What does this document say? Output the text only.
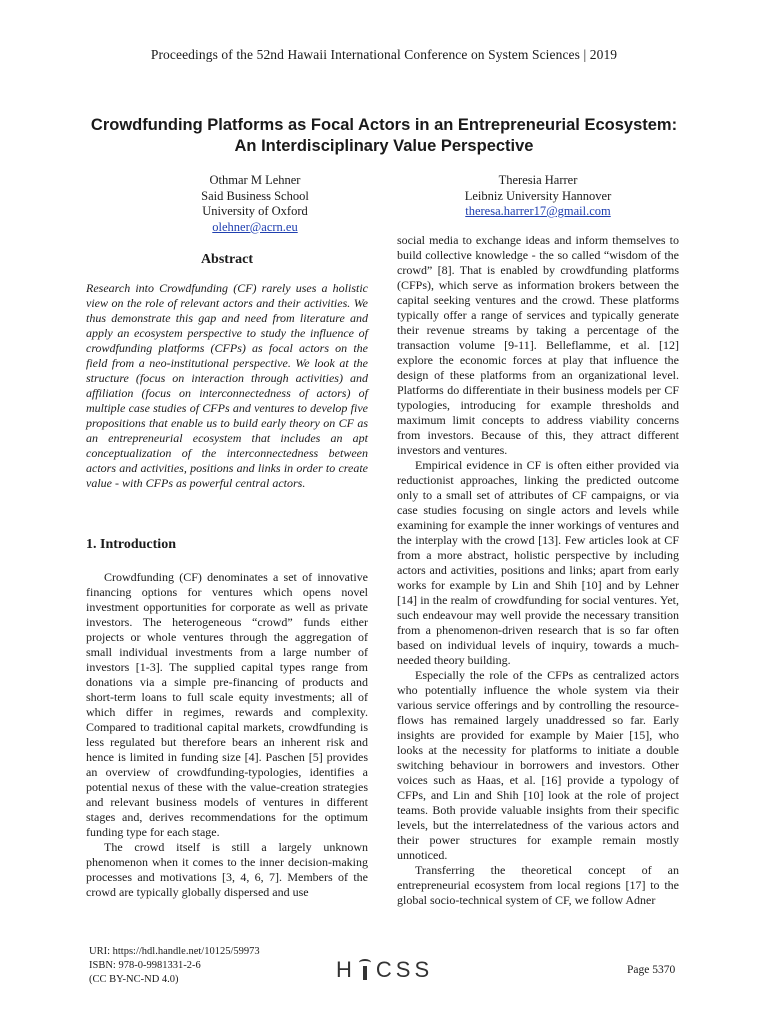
Proceedings of the 52nd Hawaii International Conference on System Sciences | 2019
Crowdfunding Platforms as Focal Actors in an Entrepreneurial Ecosystem:
An Interdisciplinary Value Perspective
Othmar M Lehner
Said Business School
University of Oxford
olehner@acrn.eu
Theresia Harrer
Leibniz University Hannover
theresa.harrer17@gmail.com
Abstract
Research into Crowdfunding (CF) rarely uses a holistic view on the role of relevant actors and their activities. We thus demonstrate this gap and need from literature and apply an ecosystem perspective to study the influence of crowdfunding platforms (CFPs) as focal actors on the field from a neo-institutional perspective. We look at the structure (focus on interaction through activities) and affiliation (focus on interconnectedness of actors) of multiple case studies of CFPs and ventures to develop five propositions that enable us to build early theory on CF as an entrepreneurial ecosystem that includes an apt conceptualization of the interconnectedness between actors and activities, positions and links in order to create value - with CFPs as powerful central actors.
1. Introduction

Crowdfunding (CF) denominates a set of innovative financing options for ventures which opens novel investment opportunities for corporate as well as private investors. The heterogeneous “crowd” funds either projects or whole ventures through the aggregation of small individual investments from a large number of investors [1-3]. The supplied capital types range from donations via a simple pre-financing of products and short-term loans to full scale equity investments; all of which differ in regimes, rewards and complexity. Compared to traditional capital markets, crowdfunding is less regulated but therefore bears an inherent risk and hence is limited in funding size [4]. Paschen [5] provides an overview of crowdfunding-typologies, identifies a potential nexus of these with the value-creation strategies and relevant business models of ventures in different stages and, derives recommendations for the optimum funding type for each stage.

The crowd itself is still a largely unknown phenomenon when it comes to the inner decision-making processes and motivations [3, 4, 6, 7]. Members of the crowd are typically globally dispersed and use

social media to exchange ideas and inform themselves to build collective knowledge - the so called “wisdom of the crowd” [8]. That is enabled by crowdfunding platforms (CFPs), which serve as information brokers between the capital seeking ventures and the crowd. These platforms typically offer a range of services and typically generate their revenue streams by taking a percentage of the transaction volume [9-11]. Belleflamme, et al. [12] explore the economic forces at play that influence the design of these platforms from an organizational level. Platforms do differentiate in their business models per CF typologies, introducing for example thresholds and maximum limit concepts to address viability concerns from investors. Because of this, they attract different investors and ventures.

Empirical evidence in CF is often either provided via reductionist approaches, linking the predicted outcome only to a small set of attributes of CF campaigns, or via case studies focusing on single actors and levels while examining for example the inner workings of ventures and the interplay with the crowd [13]. Few articles look at CF from a more abstract, holistic perspective by including actors and activities, positions and links; apart from early works for example by Lin and Shih [10] and by Lehner [14] in the realm of crowdfunding for social ventures. Yet, such endeavour may well provide the necessary transition from a phenomenon-driven research that is so far often based on individual levels of inquiry, towards a much-needed theory building.

Especially the role of the CFPs as centralized actors who potentially influence the whole system via their various service offerings and by controlling the resource-flows has remained largely unaddressed so far. Early insights are provided for example by Maier [15], who looks at the necessity for platforms to initiate a double switching behaviour in borrowers and investors. Other voices such as Haas, et al. [16] provide a typology of CFPs, and Lin and Shih [10] look at the role of project teams. Both provide valuable insights from their specific levels, but the interrelatedness of the various actors and their power structures for example remain mostly unnoticed.

Transferring the theoretical concept of an entrepreneurial ecosystem from local regions [17] to the global socio-technical system of CF, we follow Adner

URI: https://hdl.handle.net/10125/59973
ISBN: 978-0-9981331-2-6
(CC BY-NC-ND 4.0)	H CSS	Page 5370
